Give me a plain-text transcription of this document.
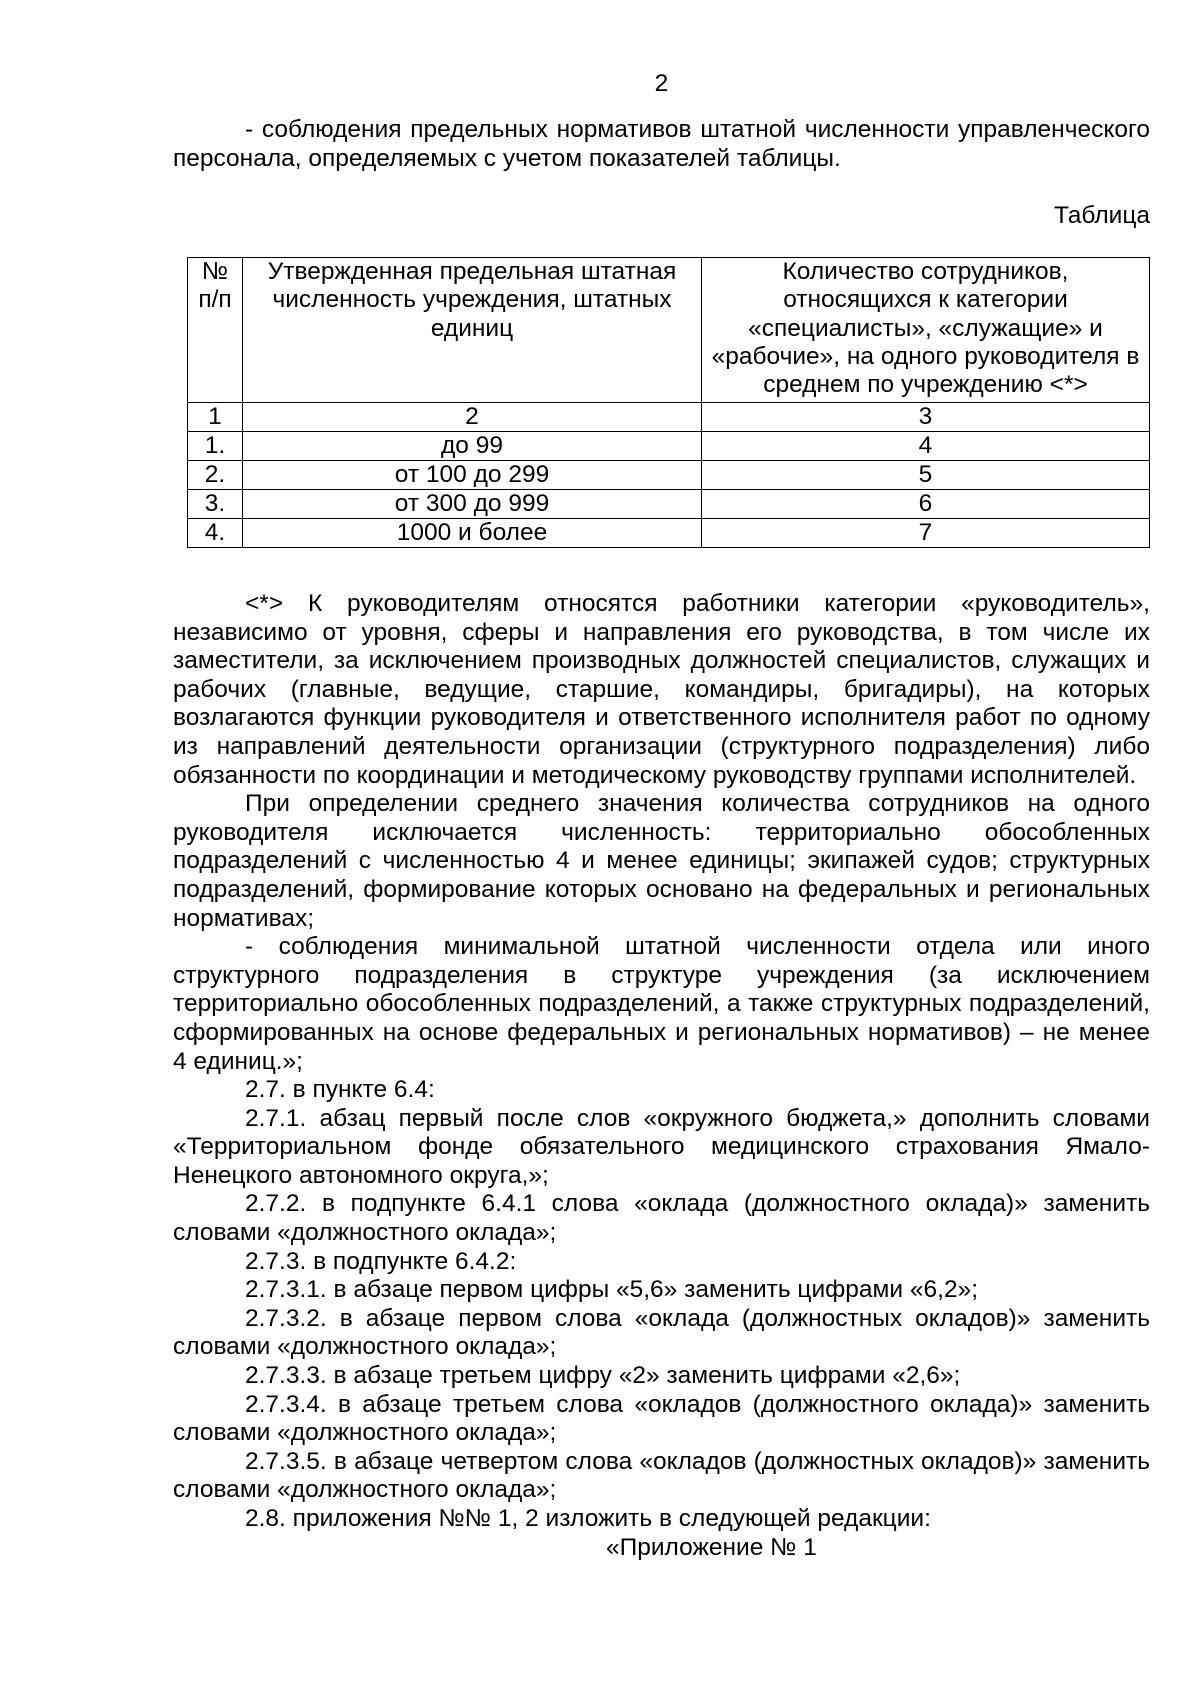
2

- соблюдения предельных нормативов штатной численности управленческого персонала, определяемых с учетом показателей таблицы.

Таблица

№ п/п	Утвержденная предельная штатная численность учреждения, штатных единиц	Количество сотрудников, относящихся к категории «специалисты», «служащие» и «рабочие», на одного руководителя в среднем по учреждению <*>
1	2	3
1.	до 99	4
2.	от 100 до 299	5
3.	от 300 до 999	6
4.	1000 и более	7

<*> К руководителям относятся работники категории «руководитель», независимо от уровня, сферы и направления его руководства, в том числе их заместители, за исключением производных должностей специалистов, служащих и рабочих (главные, ведущие, старшие, командиры, бригадиры), на которых возлагаются функции руководителя и ответственного исполнителя работ по одному из направлений деятельности организации (структурного подразделения) либо обязанности по координации и методическому руководству группами исполнителей.

При определении среднего значения количества сотрудников на одного руководителя исключается численность: территориально обособленных подразделений с численностью 4 и менее единицы; экипажей судов; структурных подразделений, формирование которых основано на федеральных и региональных нормативах;

- соблюдения минимальной штатной численности отдела или иного структурного подразделения в структуре учреждения (за исключением территориально обособленных подразделений, а также структурных подразделений, сформированных на основе федеральных и региональных нормативов) – не менее 4 единиц.»;

2.7. в пункте 6.4:

2.7.1. абзац первый после слов «окружного бюджета,» дополнить словами «Территориальном фонде обязательного медицинского страхования Ямало-Ненецкого автономного округа,»;

2.7.2. в подпункте 6.4.1 слова «оклада (должностного оклада)» заменить словами «должностного оклада»;

2.7.3. в подпункте 6.4.2:

2.7.3.1. в абзаце первом цифры «5,6» заменить цифрами «6,2»;

2.7.3.2. в абзаце первом слова «оклада (должностных окладов)» заменить словами «должностного оклада»;

2.7.3.3. в абзаце третьем цифру «2» заменить цифрами «2,6»;

2.7.3.4. в абзаце третьем слова «окладов (должностного оклада)» заменить словами «должностного оклада»;

2.7.3.5. в абзаце четвертом слова «окладов (должностных окладов)» заменить словами «должностного оклада»;

2.8. приложения №№ 1, 2 изложить в следующей редакции:

«Приложение № 1
